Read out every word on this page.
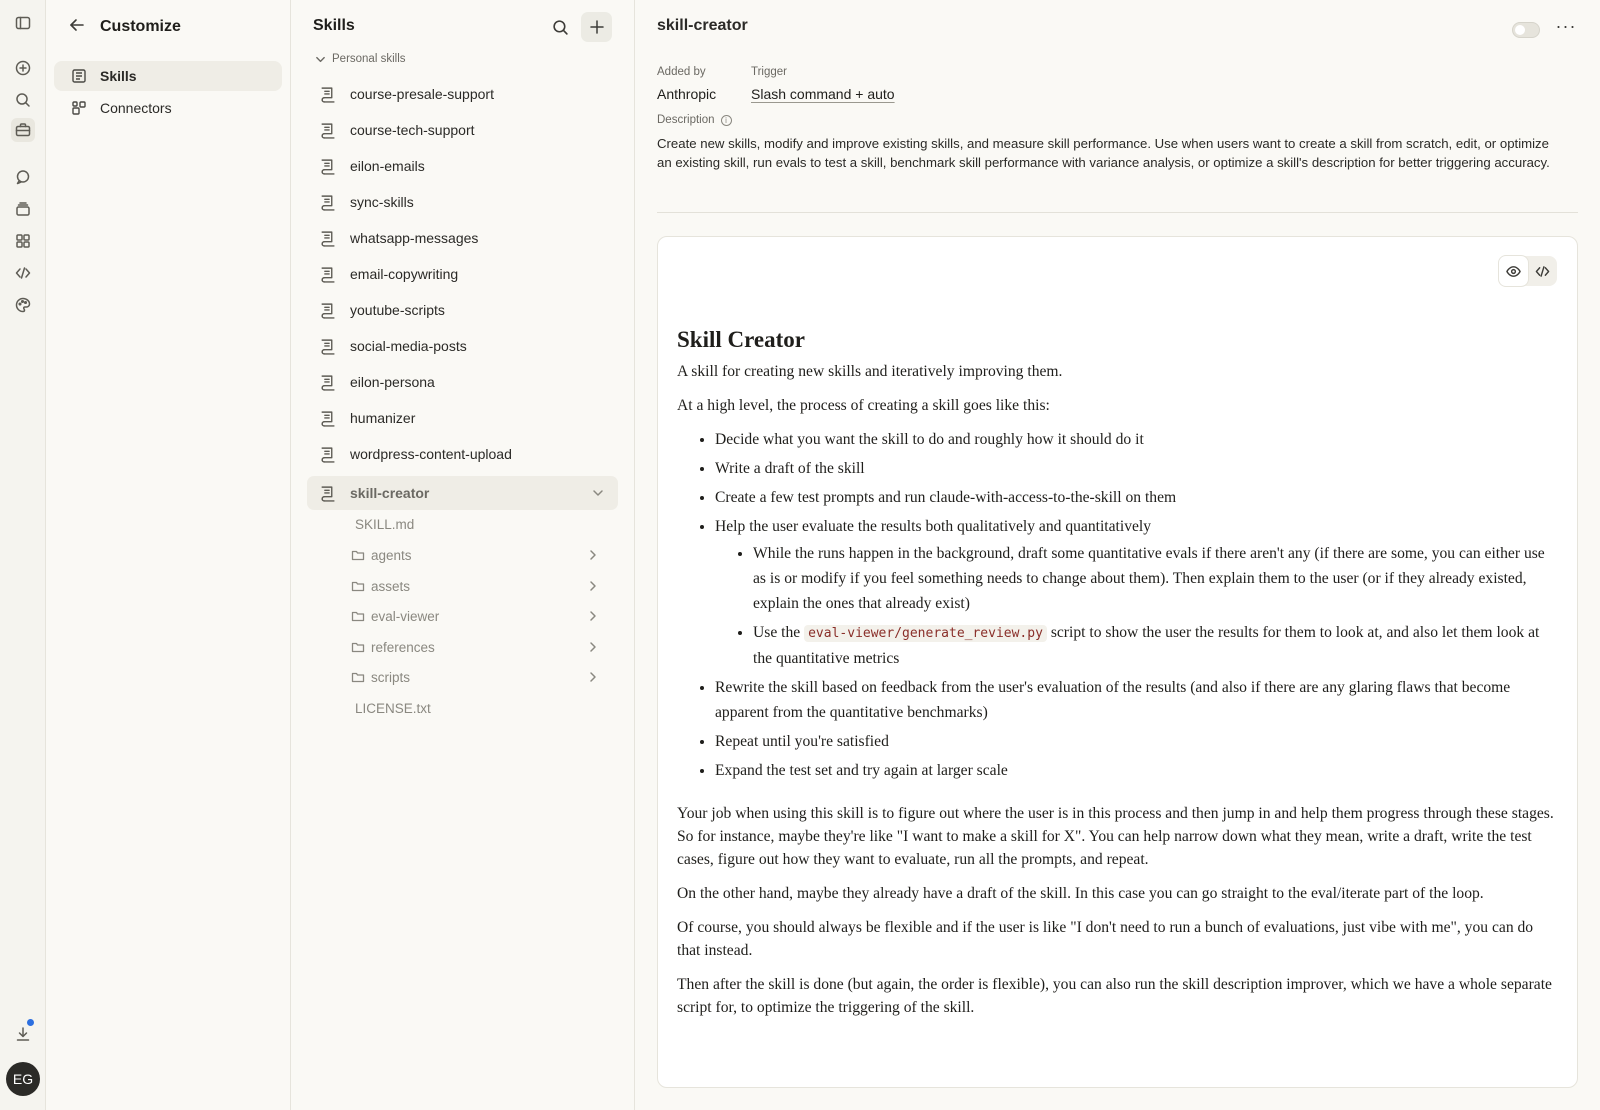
EG
Customize
Skills
Connectors
Skills
Personal skills
course-presale-support
course-tech-support
eilon-emails
sync-skills
whatsapp-messages
email-copywriting
youtube-scripts
social-media-posts
eilon-persona
humanizer
wordpress-content-upload
skill-creator
SKILL.md
agents
assets
eval-viewer
references
scripts
LICENSE.txt
skill-creator	···
Added by
Anthropic
Trigger
Slash command + auto
Description	i
Create new skills, modify and improve existing skills, and measure skill performance. Use when users want to create a skill from scratch, edit, or optimize an existing skill, run evals to test a skill, benchmark skill performance with variance analysis, or optimize a skill's description for better triggering accuracy.
Skill Creator

A skill for creating new skills and iteratively improving them.

At a high level, the process of creating a skill goes like this:

• Decide what you want the skill to do and roughly how it should do it
• Write a draft of the skill
• Create a few test prompts and run claude-with-access-to-the-skill on them
• Help the user evaluate the results both qualitatively and quantitatively
• While the runs happen in the background, draft some quantitative evals if there aren't any (if there are some, you can either use as is or modify if you feel something needs to change about them). Then explain them to the user (or if they already existed, explain the ones that already exist)
• Use the eval-viewer/generate_review.py script to show the user the results for them to look at, and also let them look at the quantitative metrics
• Rewrite the skill based on feedback from the user's evaluation of the results (and also if there are any glaring flaws that become apparent from the quantitative benchmarks)
• Repeat until you're satisfied
• Expand the test set and try again at larger scale

Your job when using this skill is to figure out where the user is in this process and then jump in and help them progress through these stages. So for instance, maybe they're like "I want to make a skill for X". You can help narrow down what they mean, write a draft, write the test cases, figure out how they want to evaluate, run all the prompts, and repeat.

On the other hand, maybe they already have a draft of the skill. In this case you can go straight to the eval/iterate part of the loop.

Of course, you should always be flexible and if the user is like "I don't need to run a bunch of evaluations, just vibe with me", you can do that instead.

Then after the skill is done (but again, the order is flexible), you can also run the skill description improver, which we have a whole separate script for, to optimize the triggering of the skill.
